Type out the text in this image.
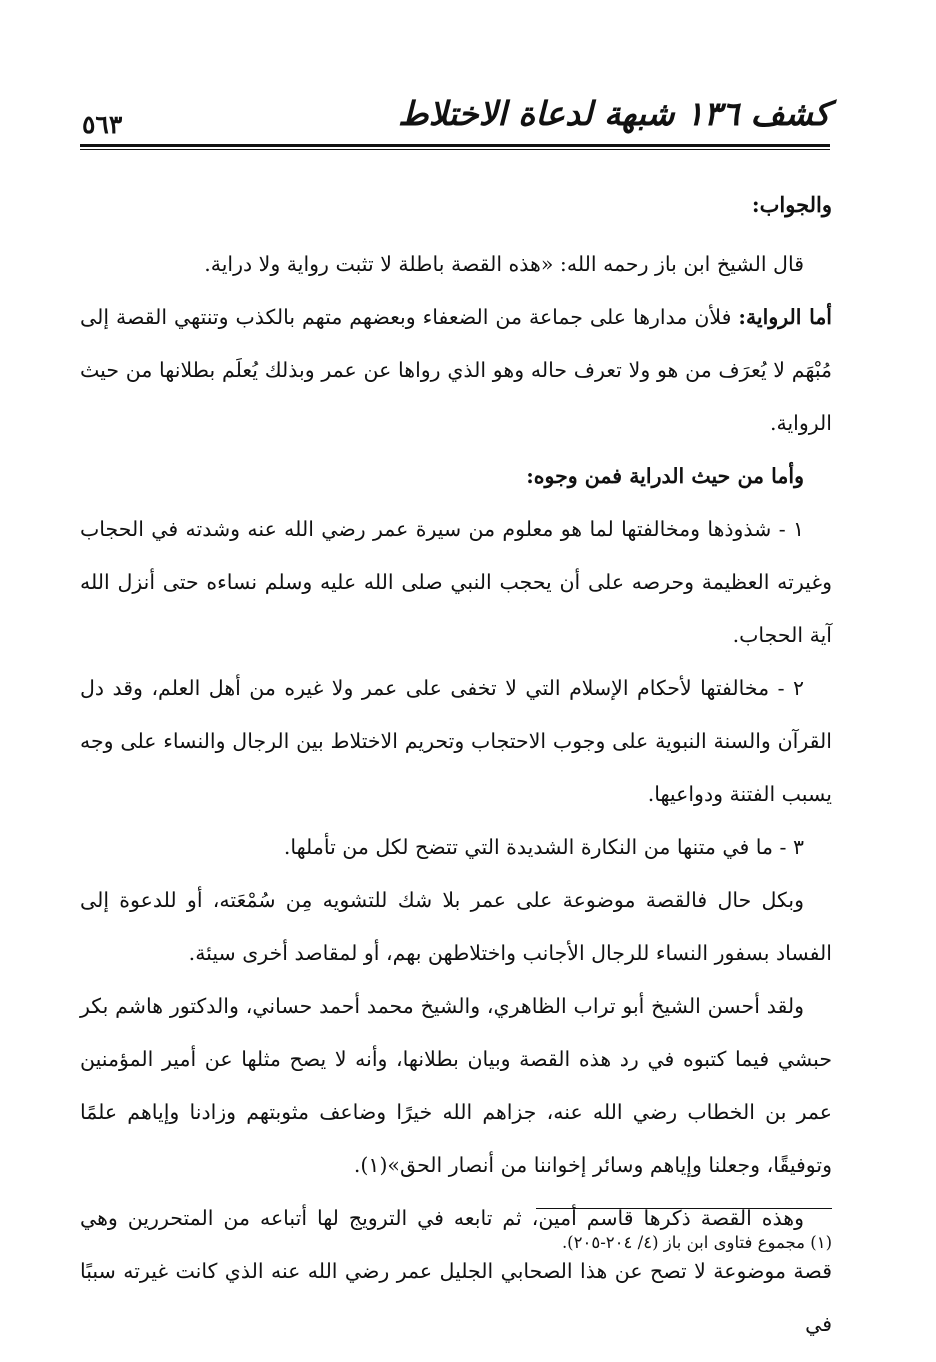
كشف ١٣٦ شبهة لدعاة الاختلاط
٥٦٣

والجواب:

قال الشيخ ابن باز رحمه الله: «هذه القصة باطلة لا تثبت رواية ولا دراية.

أما الرواية: فلأن مدارها على جماعة من الضعفاء وبعضهم متهم بالكذب وتنتهي القصة إلى مُبْهَم لا يُعرَف من هو ولا تعرف حاله وهو الذي رواها عن عمر وبذلك يُعلَم بطلانها من حيث الرواية.

وأما من حيث الدراية فمن وجوه:

١ - شذوذها ومخالفتها لما هو معلوم من سيرة عمر رضي الله عنه وشدته في الحجاب وغيرته العظيمة وحرصه على أن يحجب النبي صلى الله عليه وسلم نساءه حتى أنزل الله آية الحجاب.

٢ - مخالفتها لأحكام الإسلام التي لا تخفى على عمر ولا غيره من أهل العلم، وقد دل القرآن والسنة النبوية على وجوب الاحتجاب وتحريم الاختلاط بين الرجال والنساء على وجه يسبب الفتنة ودواعيها.

٣ - ما في متنها من النكارة الشديدة التي تتضح لكل من تأملها.

وبكل حال فالقصة موضوعة على عمر بلا شك للتشويه مِن سُمْعَته، أو للدعوة إلى الفساد بسفور النساء للرجال الأجانب واختلاطهن بهم، أو لمقاصد أخرى سيئة.

ولقد أحسن الشيخ أبو تراب الظاهري، والشيخ محمد أحمد حساني، والدكتور هاشم بكر حبشي فيما كتبوه في رد هذه القصة وبيان بطلانها، وأنه لا يصح مثلها عن أمير المؤمنين عمر بن الخطاب رضي الله عنه، جزاهم الله خيرًا وضاعف مثوبتهم وزادنا وإياهم علمًا وتوفيقًا، وجعلنا وإياهم وسائر إخواننا من أنصار الحق»(١).

وهذه القصة ذكرها قاسم أمين، ثم تابعه في الترويج لها أتباعه من المتحررين وهي قصة موضوعة لا تصح عن هذا الصحابي الجليل عمر رضي الله عنه الذي كانت غيرته سببًا في

(١) مجموع فتاوى ابن باز (٤/ ٢٠٤-٢٠٥).
